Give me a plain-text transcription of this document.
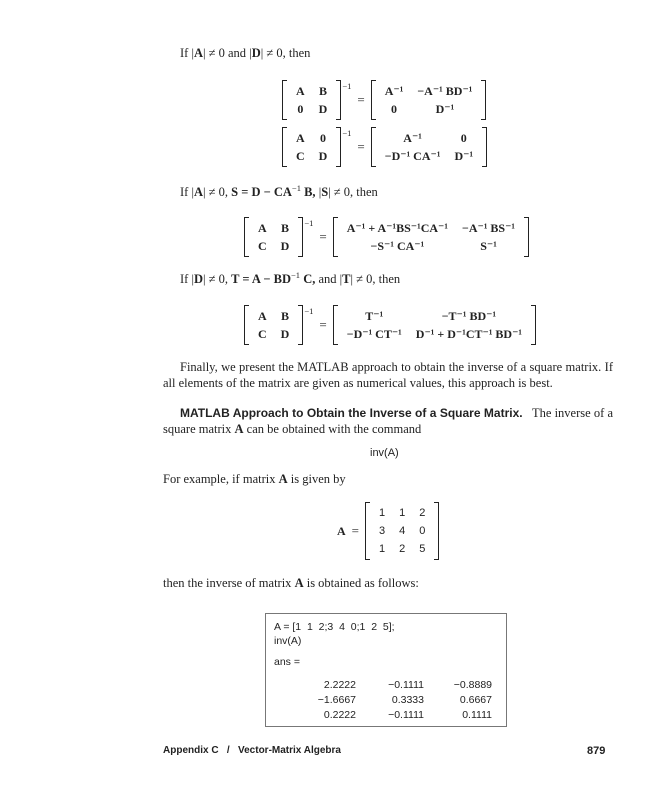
If |A| ≠ 0 and |D| ≠ 0, then
A	B
0	D
−1
=
A⁻¹	−A⁻¹ BD⁻¹
0	D⁻¹
A	0
C	D
−1
=
A⁻¹	0
−D⁻¹ CA⁻¹	D⁻¹
If |A| ≠ 0, $S = D - CA^{-1}$ B, |S| ≠ 0, then
A	B
C	D
−1
=
A⁻¹ + A⁻¹BS⁻¹CA⁻¹	−A⁻¹ BS⁻¹
−S⁻¹ CA⁻¹	S⁻¹
If |D| ≠ 0, $T = A - BD^{-1}$ C, and |T| ≠ 0, then
A	B
C	D
−1
=
T⁻¹	−T⁻¹ BD⁻¹
−D⁻¹ CT⁻¹	D⁻¹ + D⁻¹CT⁻¹ BD⁻¹
Finally, we present the MATLAB approach to obtain the inverse of a square matrix. If all elements of the matrix are given as numerical values, this approach is best.
MATLAB Approach to Obtain the Inverse of a Square Matrix. The inverse of a square matrix A can be obtained with the command
inv(A)
For example, if matrix A is given by
A =
1	1	2
3	4	0
1	2	5
then the inverse of matrix A is obtained as follows:
A = [1  1  2;3  4  0;1  2  5];
inv(A)
ans =
2.2222	−0.1111	−0.8889
−1.6667	0.3333	0.6667
0.2222	−0.1111	0.1111
Appendix C   /   Vector-Matrix Algebra	879
